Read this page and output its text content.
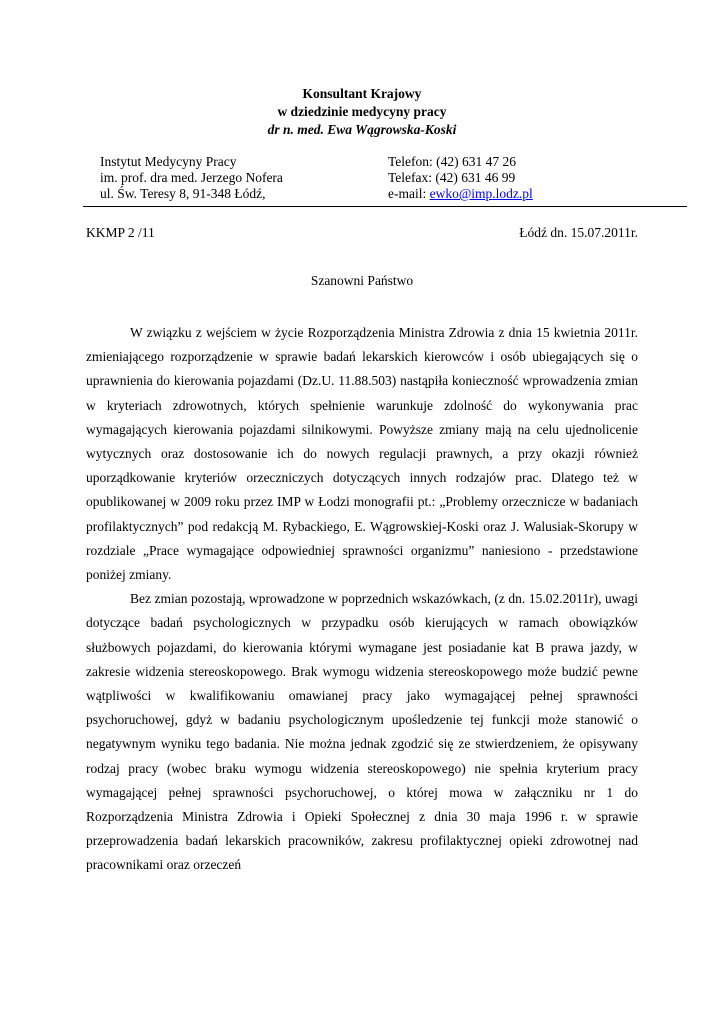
Konsultant Krajowy
w dziedzinie medycyny pracy
dr n. med. Ewa Wągrowska-Koski
Instytut Medycyny Pracy
im. prof. dra med. Jerzego Nofera
ul. Św. Teresy 8, 91-348 Łódź,
Telefon: (42) 631 47 26
Telefax: (42) 631 46 99
e-mail: ewko@imp.lodz.pl
KKMP 2 /11	Łódź dn. 15.07.2011r.
Szanowni Państwo

W związku z wejściem w życie Rozporządzenia Ministra Zdrowia z dnia 15 kwietnia 2011r. zmieniającego rozporządzenie w sprawie badań lekarskich kierowców i osób ubiegających się o uprawnienia do kierowania pojazdami (Dz.U. 11.88.503) nastąpiła konieczność wprowadzenia zmian w kryteriach zdrowotnych, których spełnienie warunkuje zdolność do wykonywania prac wymagających kierowania pojazdami silnikowymi. Powyższe zmiany mają na celu ujednolicenie wytycznych oraz dostosowanie ich do nowych regulacji prawnych, a przy okazji również uporządkowanie kryteriów orzeczniczych dotyczących innych rodzajów prac. Dlatego też w opublikowanej w 2009 roku przez IMP w Łodzi monografii pt.: „Problemy orzecznicze w badaniach profilaktycznych” pod redakcją M. Rybackiego, E. Wągrowskiej-Koski oraz J. Walusiak-Skorupy w rozdziale „Prace wymagające odpowiedniej sprawności organizmu” naniesiono - przedstawione poniżej zmiany.

Bez zmian pozostają, wprowadzone w poprzednich wskazówkach, (z dn. 15.02.2011r), uwagi dotyczące badań psychologicznych w przypadku osób kierujących w ramach obowiązków służbowych pojazdami, do kierowania którymi wymagane jest posiadanie kat B prawa jazdy, w zakresie widzenia stereoskopowego. Brak wymogu widzenia stereoskopowego może budzić pewne wątpliwości w kwalifikowaniu omawianej pracy jako wymagającej pełnej sprawności psychoruchowej, gdyż w badaniu psychologicznym upośledzenie tej funkcji może stanowić o negatywnym wyniku tego badania. Nie można jednak zgodzić się ze stwierdzeniem, że opisywany rodzaj pracy (wobec braku wymogu widzenia stereoskopowego) nie spełnia kryterium pracy wymagającej pełnej sprawności psychoruchowej, o której mowa w załączniku nr 1 do Rozporządzenia Ministra Zdrowia i Opieki Społecznej z dnia 30 maja 1996 r. w sprawie przeprowadzenia badań lekarskich pracowników, zakresu profilaktycznej opieki zdrowotnej nad pracownikami oraz orzeczeń
